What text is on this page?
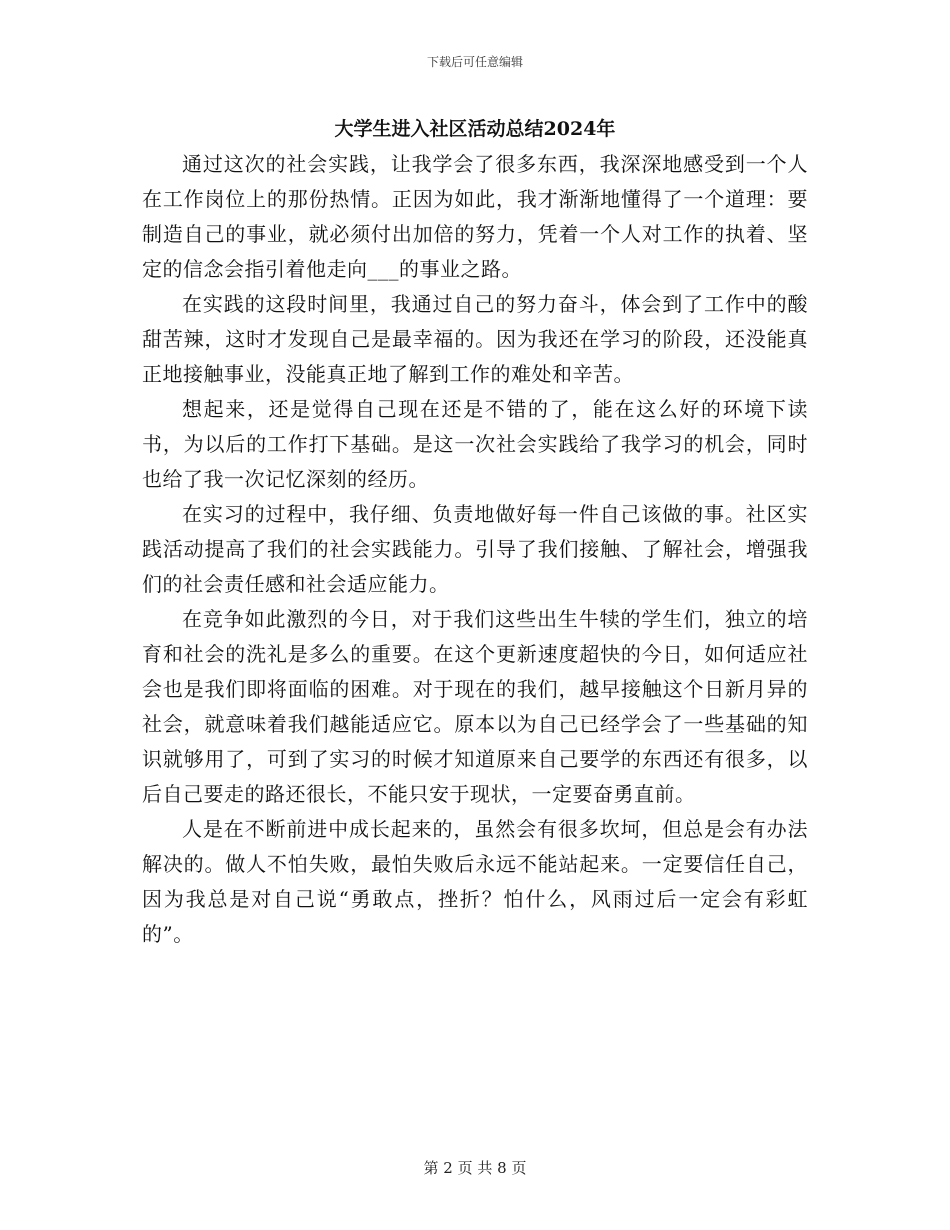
下载后可任意编辑
大学生进入社区活动总结2024年

通过这次的社会实践，让我学会了很多东西，我深深地感受到一个人在工作岗位上的那份热情。正因为如此，我才渐渐地懂得了一个道理：要制造自己的事业，就必须付出加倍的努力，凭着一个人对工作的执着、坚定的信念会指引着他走向___的事业之路。

在实践的这段时间里，我通过自己的努力奋斗，体会到了工作中的酸甜苦辣，这时才发现自己是最幸福的。因为我还在学习的阶段，还没能真正地接触事业，没能真正地了解到工作的难处和辛苦。

想起来，还是觉得自己现在还是不错的了，能在这么好的环境下读书，为以后的工作打下基础。是这一次社会实践给了我学习的机会，同时也给了我一次记忆深刻的经历。

在实习的过程中，我仔细、负责地做好每一件自己该做的事。社区实践活动提高了我们的社会实践能力。引导了我们接触、了解社会，增强我们的社会责任感和社会适应能力。

在竞争如此激烈的今日，对于我们这些出生牛犊的学生们，独立的培育和社会的洗礼是多么的重要。在这个更新速度超快的今日，如何适应社会也是我们即将面临的困难。对于现在的我们，越早接触这个日新月异的社会，就意味着我们越能适应它。原本以为自己已经学会了一些基础的知识就够用了，可到了实习的时候才知道原来自己要学的东西还有很多，以后自己要走的路还很长，不能只安于现状，一定要奋勇直前。

人是在不断前进中成长起来的，虽然会有很多坎坷，但总是会有办法解决的。做人不怕失败，最怕失败后永远不能站起来。一定要信任自己，因为我总是对自己说“勇敢点，挫折？怕什么，风雨过后一定会有彩虹的”。

第 2 页 共 8 页
